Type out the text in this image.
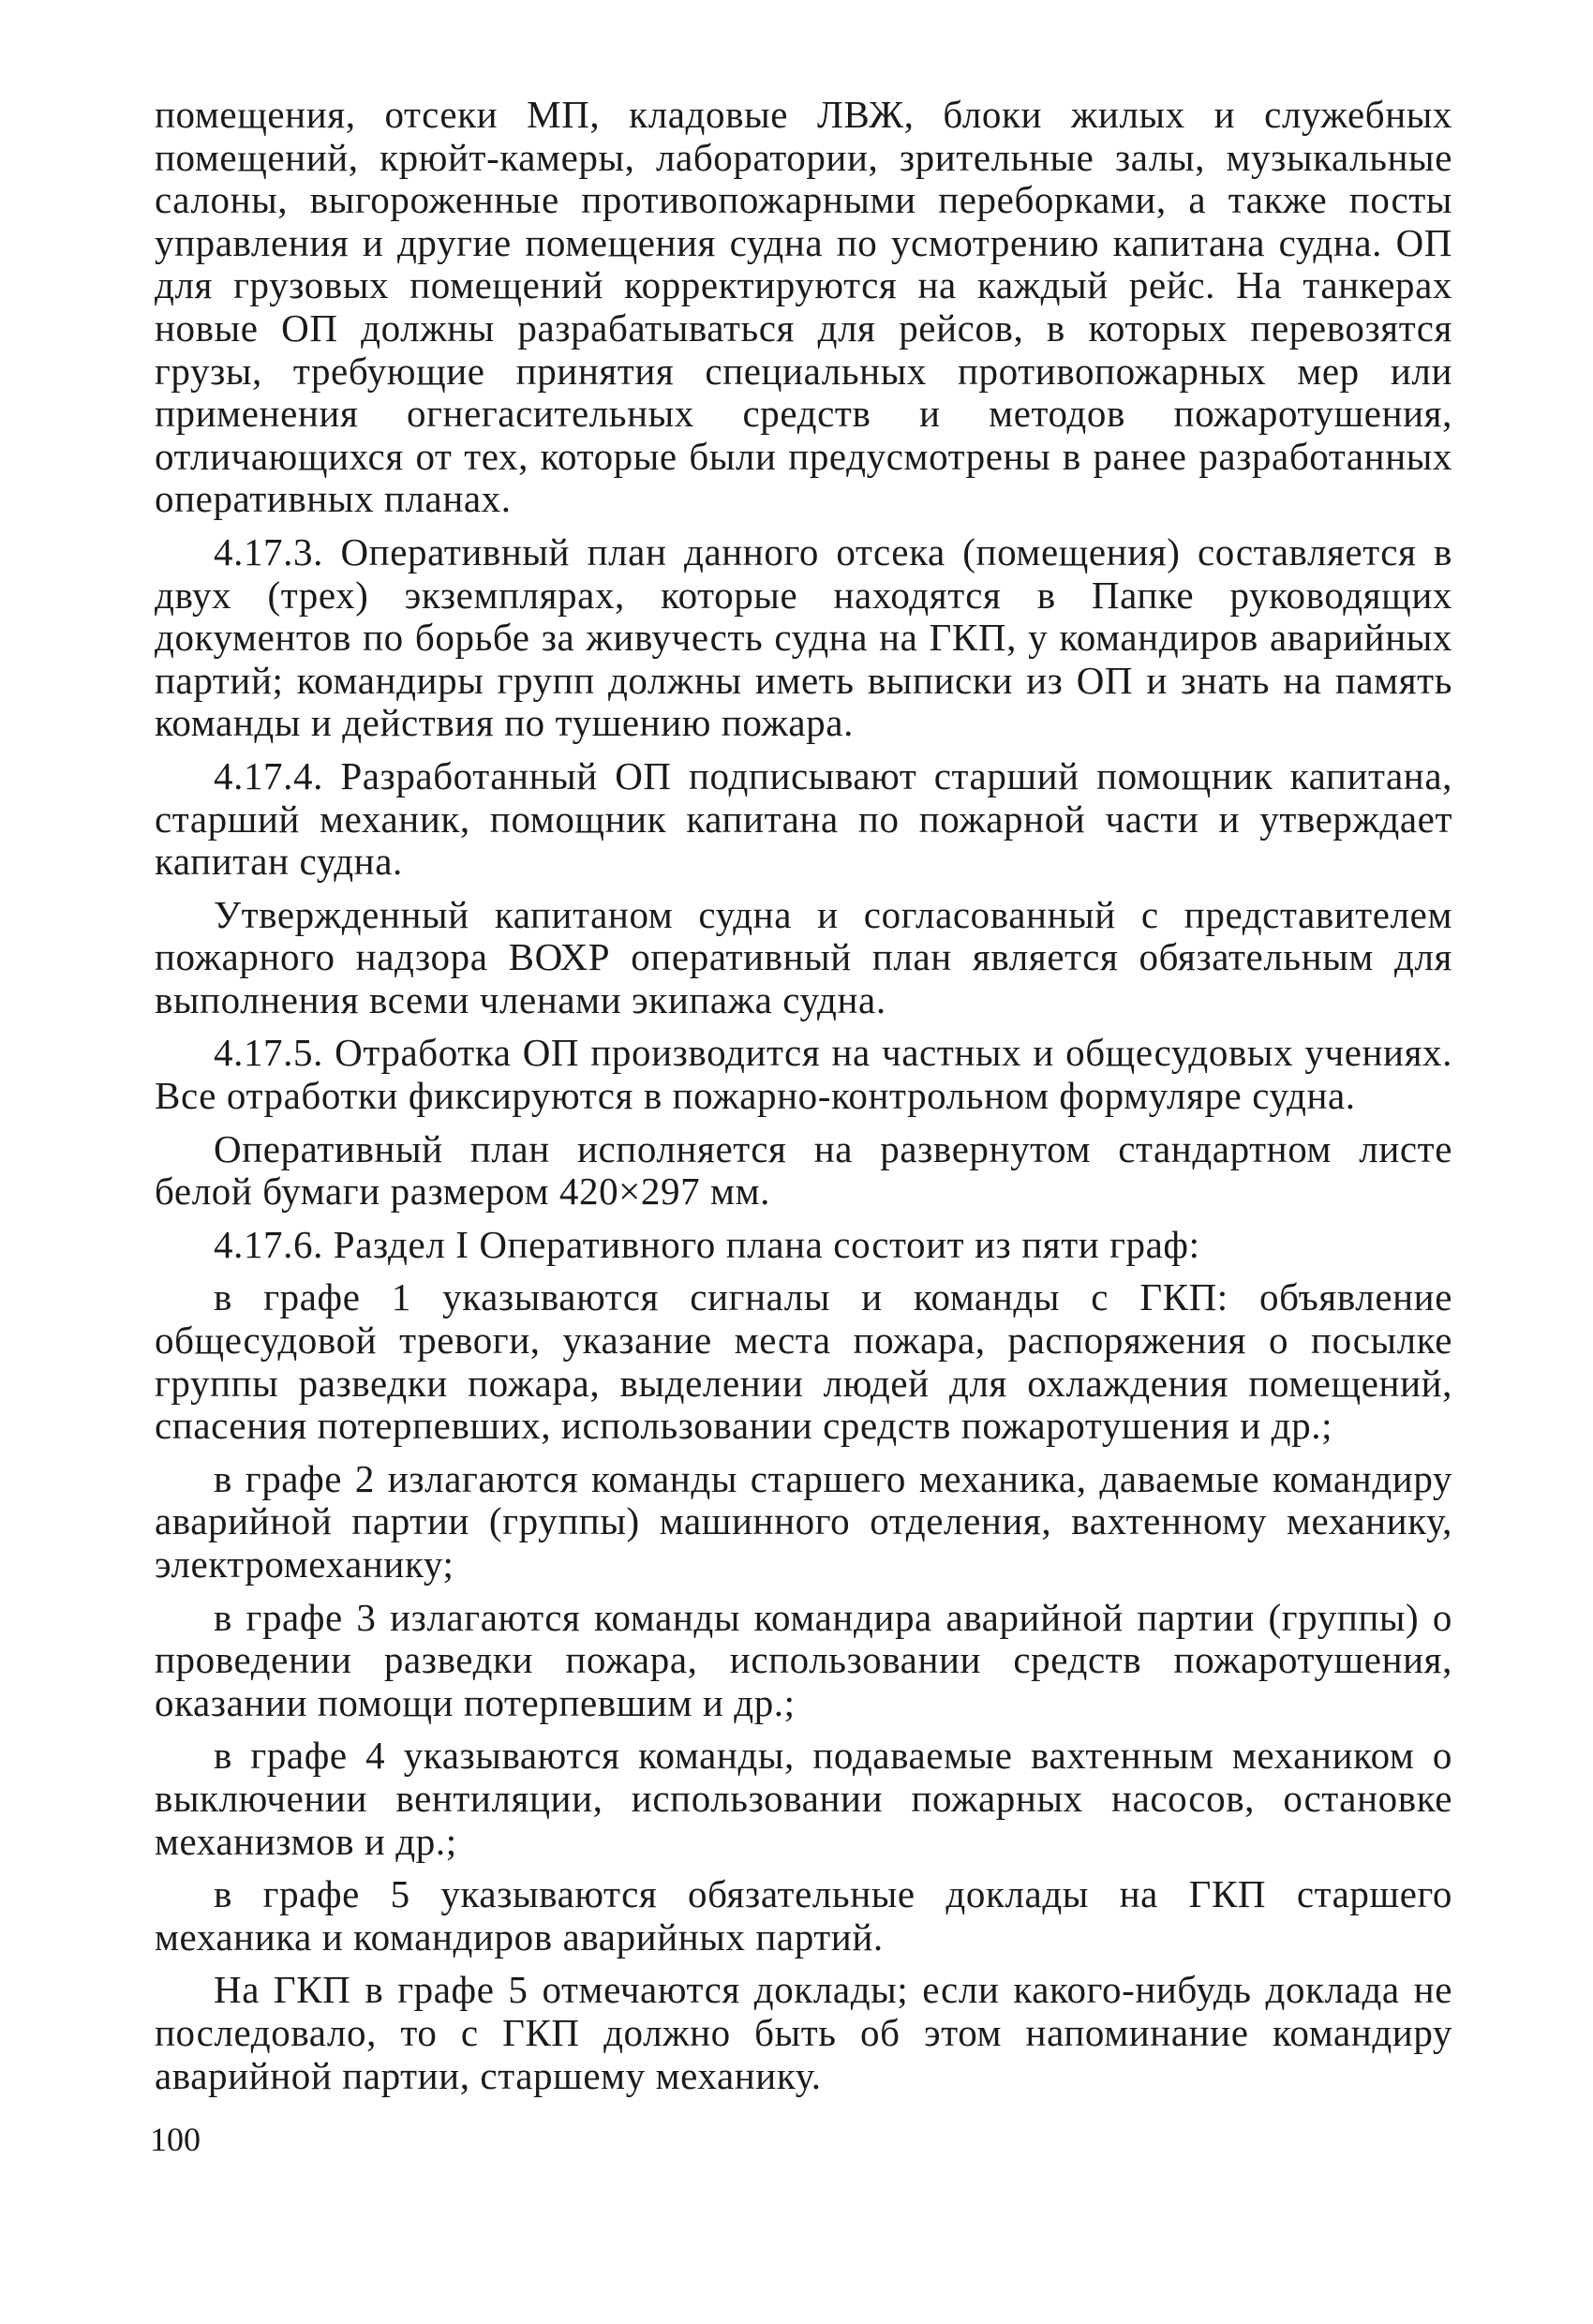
помещения, отсеки МП, кладовые ЛВЖ, блоки жилых и служебных помещений, крюйт-камеры, лаборатории, зрительные залы, музыкальные салоны, выгороженные противопожарными переборками, а также посты управления и другие помещения судна по усмотрению капитана судна. ОП для грузовых помещений корректируются на каждый рейс. На танкерах новые ОП должны разрабатываться для рейсов, в которых перевозятся грузы, требующие принятия специальных противопожарных мер или применения огнегасительных средств и методов пожаротушения, отличающихся от тех, которые были предусмотрены в ранее разработанных оперативных планах.

4.17.3. Оперативный план данного отсека (помещения) составляется в двух (трех) экземплярах, которые находятся в Папке руководящих документов по борьбе за живучесть судна на ГКП, у командиров аварийных партий; командиры групп должны иметь выписки из ОП и знать на память команды и действия по тушению пожара.

4.17.4. Разработанный ОП подписывают старший помощник капитана, старший механик, помощник капитана по пожарной части и утверждает капитан судна.

Утвержденный капитаном судна и согласованный с представителем пожарного надзора ВОХР оперативный план является обязательным для выполнения всеми членами экипажа судна.

4.17.5. Отработка ОП производится на частных и общесудовых учениях. Все отработки фиксируются в пожарно-контрольном формуляре судна.

Оперативный план исполняется на развернутом стандартном листе белой бумаги размером 420×297 мм.

4.17.6. Раздел I Оперативного плана состоит из пяти граф:

в графе 1 указываются сигналы и команды с ГКП: объявление общесудовой тревоги, указание места пожара, распоряжения о посылке группы разведки пожара, выделении людей для охлаждения помещений, спасения потерпевших, использовании средств пожаротушения и др.;

в графе 2 излагаются команды старшего механика, даваемые командиру аварийной партии (группы) машинного отделения, вахтенному механику, электромеханику;

в графе 3 излагаются команды командира аварийной партии (группы) о проведении разведки пожара, использовании средств пожаротушения, оказании помощи потерпевшим и др.;

в графе 4 указываются команды, подаваемые вахтенным механиком о выключении вентиляции, использовании пожарных насосов, остановке механизмов и др.;

в графе 5 указываются обязательные доклады на ГКП старшего механика и командиров аварийных партий.

На ГКП в графе 5 отмечаются доклады; если какого-нибудь доклада не последовало, то с ГКП должно быть об этом напоминание командиру аварийной партии, старшему механику.

100
